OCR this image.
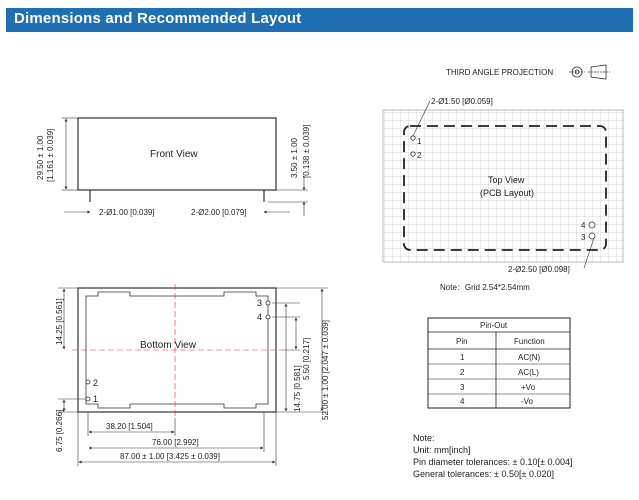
Dimensions and Recommended Layout
THIRD ANGLE PROJECTION
Front View
29.50 ± 1.00 [1.161 ± 0.039]	3.50 ± 1.00 [0.138 ± 0.039]
2-Ø1.00 [0.039]	2-Ø2.00 [0.079]
Bottom View
3
4
2
1
14.25 [0.561]
6.75 [0.266]	38.20 [1.504]
76.00 [2.992]
87.00 ± 1.00 [3.425 ± 0.039]
5.50 [0.217]
14.75 [0.581] 52.00 ± 1.00 [2.047 ± 0.039]
1
2
4
3
Top View
(PCB Layout)
2-Ø1.50 [Ø0.059]
2-Ø2.50 [Ø0.098]
Note：Grid 2.54*2.54mm
Pin-Out
Pin	Function
1	AC(N)
2	AC(L)
3	+Vo
4	-Vo
Note:
Unit: mm[inch]
Pin diameter tolerances: ± 0.10[± 0.004]
General tolerances: ± 0.50[± 0.020]
